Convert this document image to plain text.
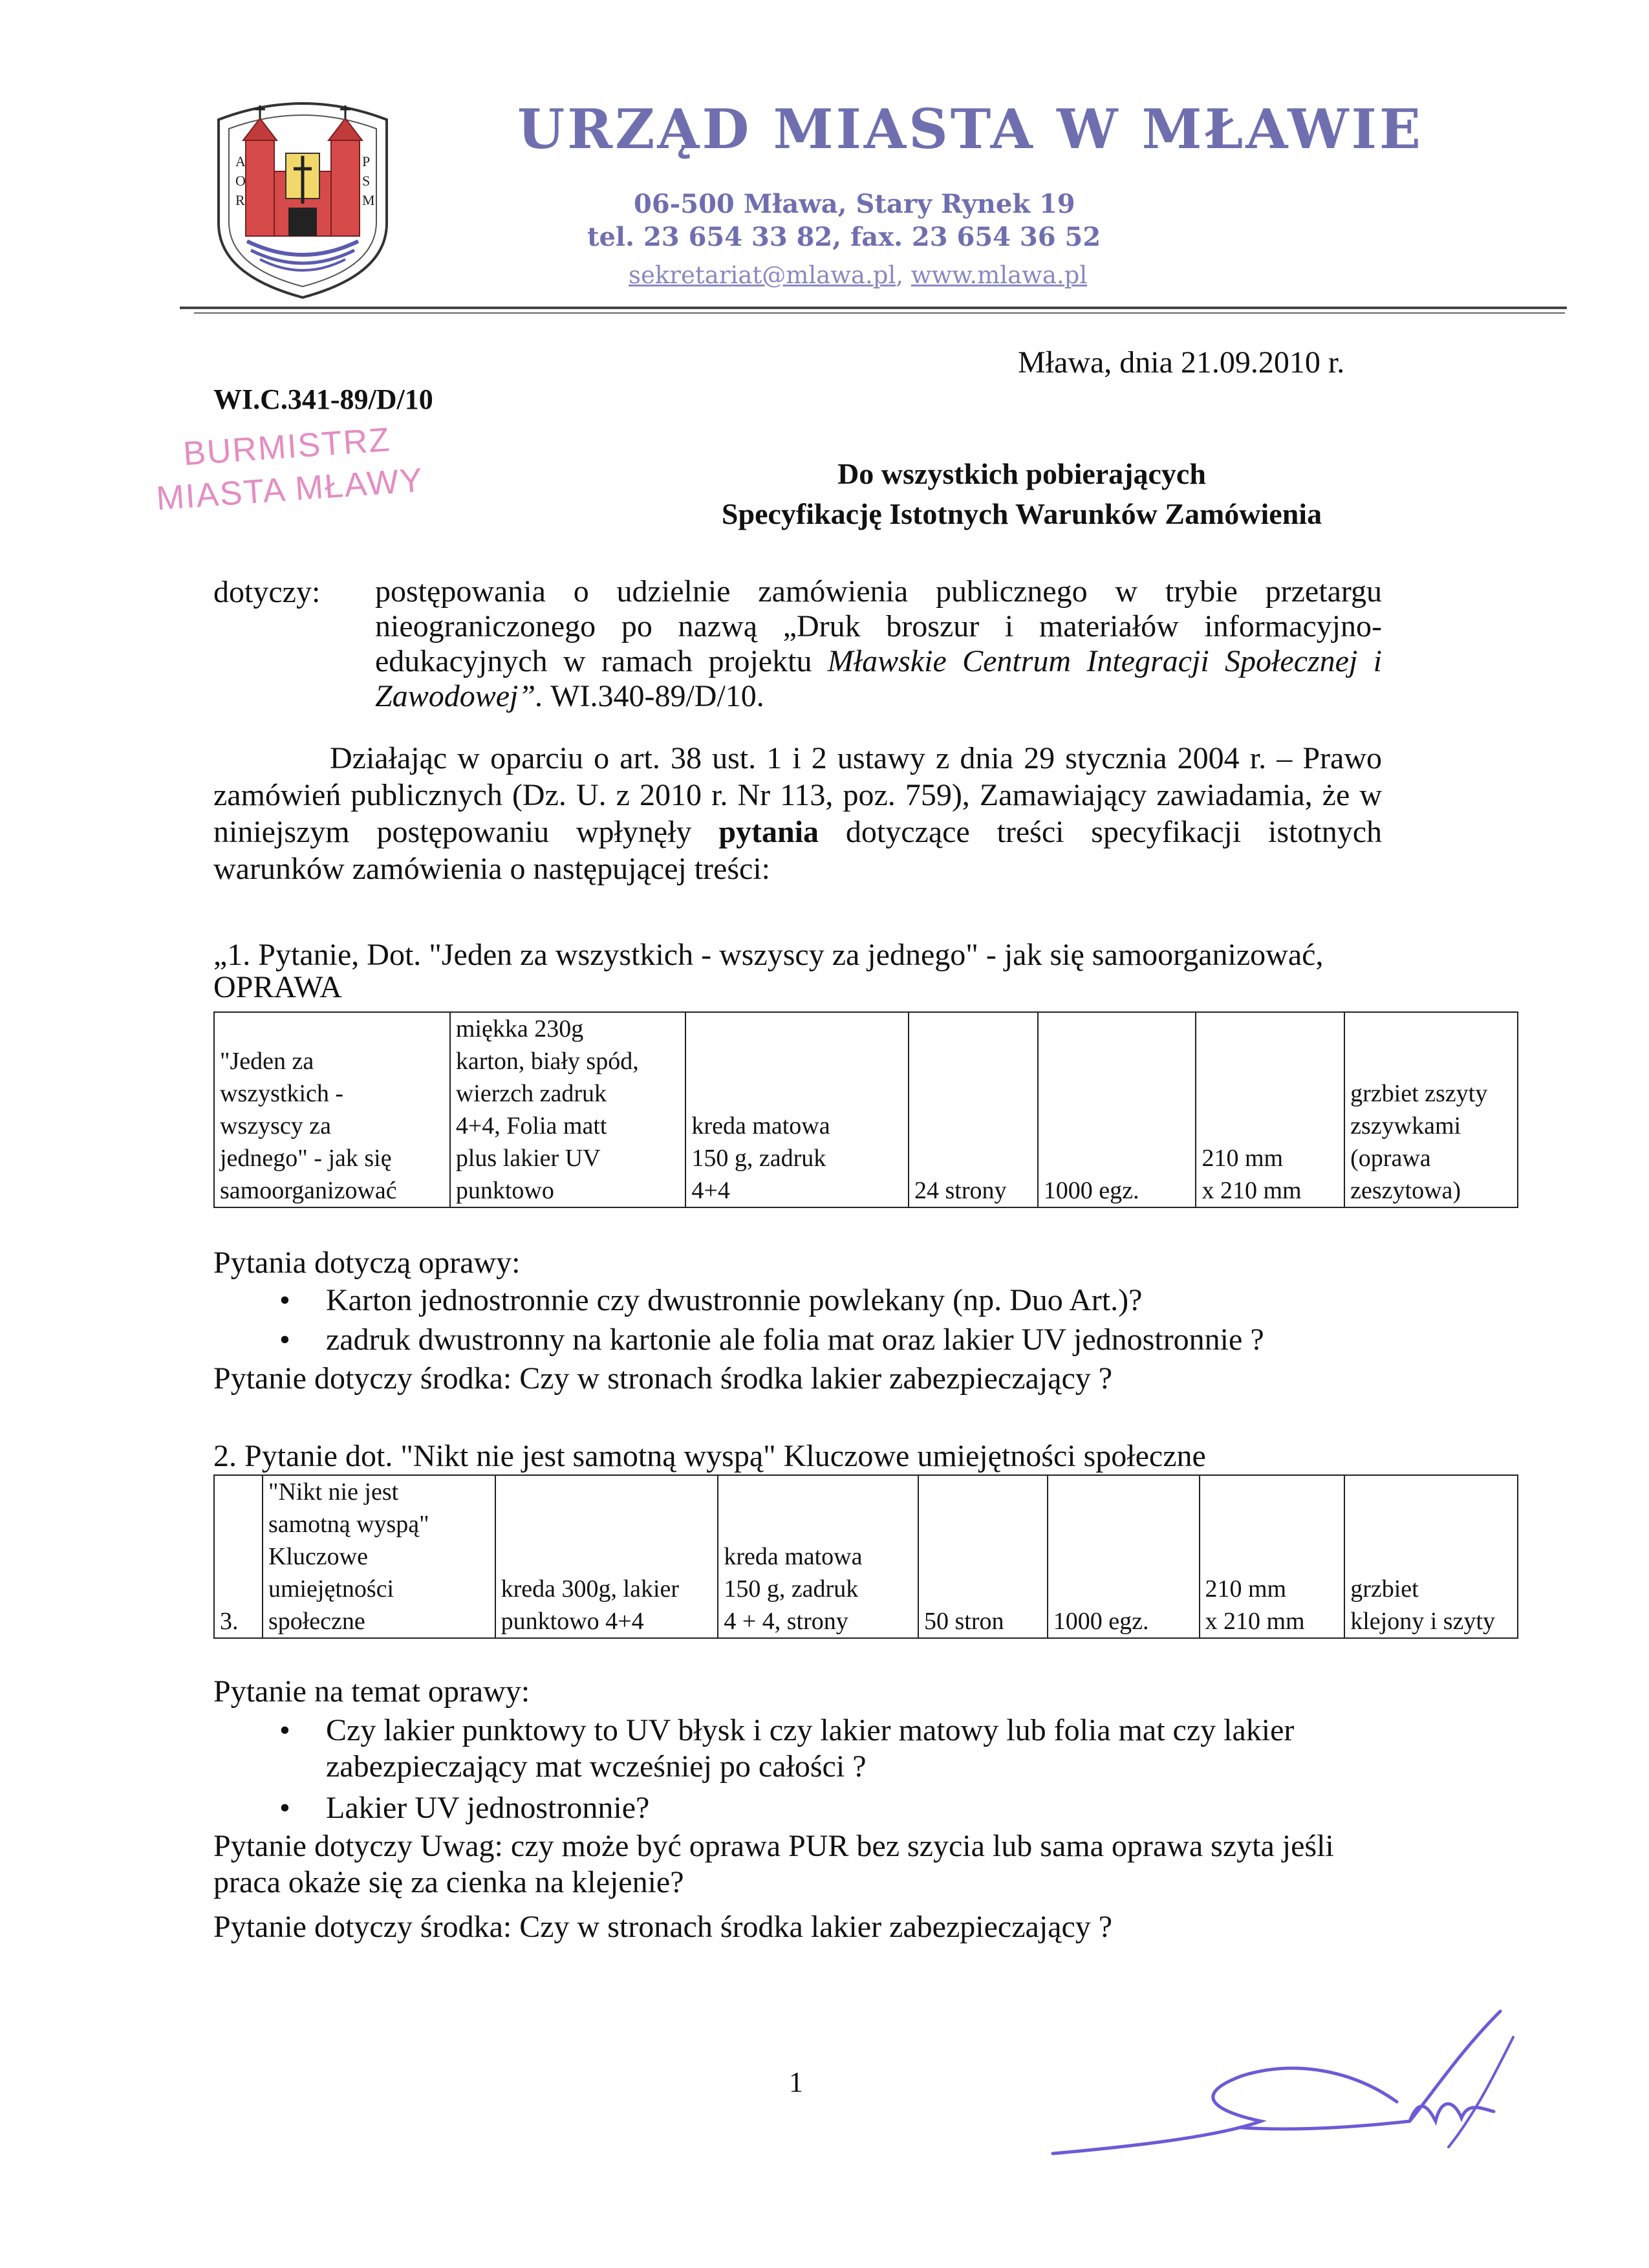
A
O
R
P
S
M
URZĄD MIASTA W MŁAWIE
06-500 Mława, Stary Rynek 19
tel. 23 654 33 82, fax. 23 654 36 52
sekretariat@mlawa.pl, www.mlawa.pl
Mława, dnia 21.09.2010 r.
WI.C.341-89/D/10
BURMISTRZ
MIASTA MŁAWY	Do wszystkich pobierających
Specyfikację Istotnych Warunków Zamówienia
dotyczy: postępowania o udzielnie zamówienia publicznego w trybie przetargu nieograniczonego po nazwą „Druk broszur i materiałów informacyjno-edukacyjnych w ramach projektu Mławskie Centrum Integracji Społecznej i Zawodowej”. WI.340-89/D/10.
Działając w oparciu o art. 38 ust. 1 i 2 ustawy z dnia 29 stycznia 2004 r. – Prawo zamówień publicznych (Dz. U. z 2010 r. Nr 113, poz. 759), Zamawiający zawiadamia, że w niniejszym postępowaniu wpłynęły pytania dotyczące treści specyfikacji istotnych warunków zamówienia o następującej treści:
„1. Pytanie, Dot. "Jeden za wszystkich - wszyscy za jednego" - jak się samoorganizować,
OPRAWA
"Jeden za
wszystkich -
wszyscy za
jednego" - jak się
samoorganizować	miękka 230g
karton, biały spód,
wierzch zadruk
4+4, Folia matt
plus lakier UV
punktowo	kreda matowa
150 g, zadruk
4+4	24 strony	1000 egz.	210 mm
x 210 mm	grzbiet zszyty
zszywkami
(oprawa
zeszytowa)
Pytania dotyczą oprawy:
• Karton jednostronnie czy dwustronnie powlekany (np. Duo Art.)?
• zadruk dwustronny na kartonie ale folia mat oraz lakier UV jednostronnie ?
Pytanie dotyczy środka: Czy w stronach środka lakier zabezpieczający ?
2. Pytanie dot. "Nikt nie jest samotną wyspą" Kluczowe umiejętności społeczne
3.	"Nikt nie jest
samotną wyspą"
Kluczowe
umiejętności
społeczne	kreda 300g, lakier
punktowo 4+4	kreda matowa
150 g, zadruk
4 + 4, strony	50 stron	1000 egz.	210 mm
x 210 mm	grzbiet
klejony i szyty
Pytanie na temat oprawy:
• Czy lakier punktowy to UV błysk i czy lakier matowy lub folia mat czy lakier
zabezpieczający mat wcześniej po całości ?
• Lakier UV jednostronnie?
Pytanie dotyczy Uwag: czy może być oprawa PUR bez szycia lub sama oprawa szyta jeśli
praca okaże się za cienka na klejenie?
Pytanie dotyczy środka: Czy w stronach środka lakier zabezpieczający ?
1
